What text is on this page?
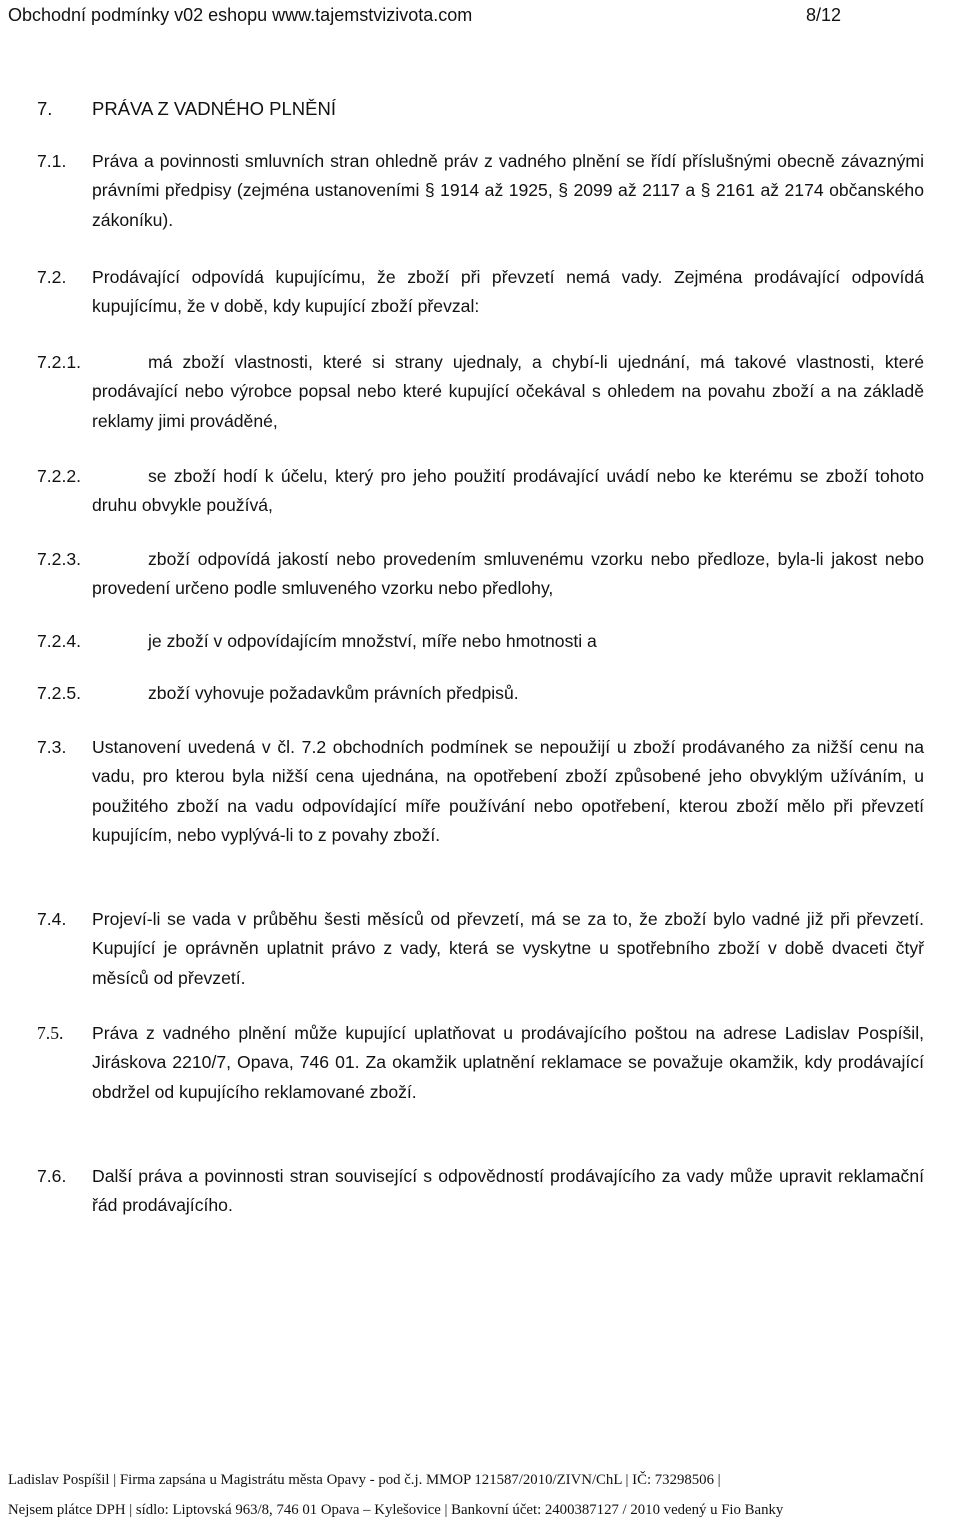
Obchodní podmínky v02 eshopu www.tajemstvizivota.com	8/12
7. PRÁVA Z VADNÉHO PLNĚNÍ
7.1. Práva a povinnosti smluvních stran ohledně práv z vadného plnění se řídí příslušnými obecně závaznými právními předpisy (zejména ustanoveními § 1914 až 1925, § 2099 až 2117 a § 2161 až 2174 občanského zákoníku).
7.2. Prodávající odpovídá kupujícímu, že zboží při převzetí nemá vady. Zejména prodávající odpovídá kupujícímu, že v době, kdy kupující zboží převzal:
7.2.1.	má zboží vlastnosti, které si strany ujednaly, a chybí-li ujednání, má takové vlastnosti, které prodávající nebo výrobce popsal nebo které kupující očekával s ohledem na povahu zboží a na základě reklamy jimi prováděné,
7.2.2.	se zboží hodí k účelu, který pro jeho použití prodávající uvádí nebo ke kterému se zboží tohoto druhu obvykle používá,
7.2.3.	zboží odpovídá jakostí nebo provedením smluvenému vzorku nebo předloze, byla-li jakost nebo provedení určeno podle smluveného vzorku nebo předlohy,
7.2.4.	je zboží v odpovídajícím množství, míře nebo hmotnosti a
7.2.5.	zboží vyhovuje požadavkům právních předpisů.
7.3. Ustanovení uvedená v čl. 7.2 obchodních podmínek se nepoužijí u zboží prodávaného za nižší cenu na vadu, pro kterou byla nižší cena ujednána, na opotřebení zboží způsobené jeho obvyklým užíváním, u použitého zboží na vadu odpovídající míře používání nebo opotřebení, kterou zboží mělo při převzetí kupujícím, nebo vyplývá-li to z povahy zboží.
7.4. Projeví-li se vada v průběhu šesti měsíců od převzetí, má se za to, že zboží bylo vadné již při převzetí. Kupující je oprávněn uplatnit právo z vady, která se vyskytne u spotřebního zboží v době dvaceti čtyř měsíců od převzetí.
7.5. Práva z vadného plnění může kupující uplatňovat u prodávajícího poštou na adrese Ladislav Pospíšil, Jiráskova 2210/7, Opava, 746 01. Za okamžik uplatnění reklamace se považuje okamžik, kdy prodávající obdržel od kupujícího reklamované zboží.
7.6. Další práva a povinnosti stran související s odpovědností prodávajícího za vady může upravit reklamační řád prodávajícího.
Ladislav Pospíšil | Firma zapsána u Magistrátu města Opavy - pod č.j. MMOP 121587/2010/ZIVN/ChL | IČ: 73298506 |
Nejsem plátce DPH | sídlo: Liptovská 963/8, 746 01 Opava – Kylešovice | Bankovní účet: 2400387127 / 2010 vedený u Fio Banky
